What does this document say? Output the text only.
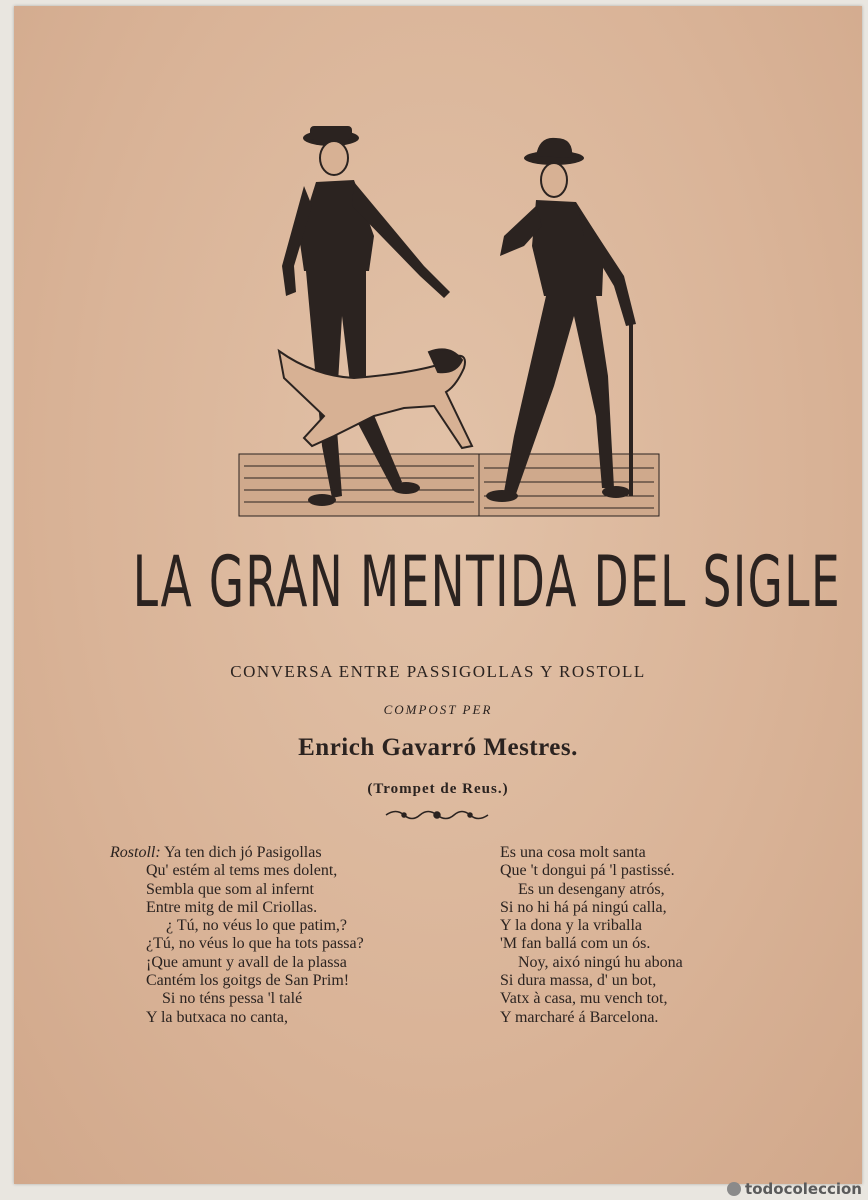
LA GRAN MENTIDA DEL SIGLE
CONVERSA ENTRE PASSIGOLLAS Y ROSTOLL
COMPOST PER
Enrich Gavarró Mestres.
(Trompet de Reus.)
Rostoll: Ya ten dich jó Pasigollas
Qu' estém al tems mes dolent,
Sembla que som al infernt
Entre mitg de mil Criollas.
¿ Tú, no véus lo que patim,?
¿Tú, no véus lo que ha tots passa?
¡Que amunt y avall de la plassa
Cantém los goitgs de San Prim!
Si no téns pessa 'l talé
Y la butxaca no canta,
Es una cosa molt santa
Que 't dongui pá 'l pastissé.
Es un desengany atrós,
Si no hi há pá ningú calla,
Y la dona y la vriballa
'M fan ballá com un ós.
Noy, aixó ningú hu abona
Si dura massa, d' un bot,
Vatx à casa, mu vench tot,
Y marcharé á Barcelona.
todocoleccion
